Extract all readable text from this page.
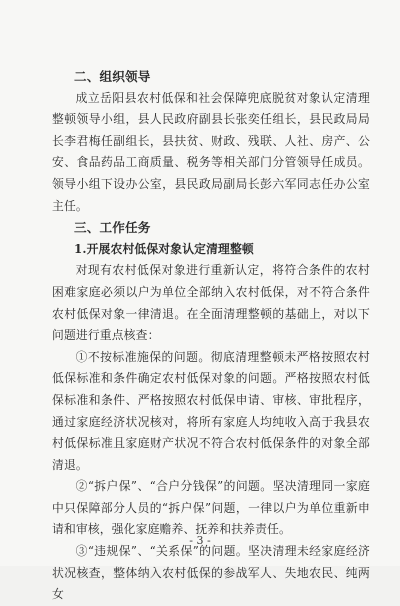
二、组织领导

成立岳阳县农村低保和社会保障兜底脱贫对象认定清理整顿领导小组，县人民政府副县长张奕任组长，县民政局局长李君梅任副组长，县扶贫、财政、残联、人社、房产、公安、食品药品工商质量、税务等相关部门分管领导任成员。领导小组下设办公室，县民政局副局长彭六军同志任办公室主任。

三、工作任务
1.开展农村低保对象认定清理整顿

对现有农村低保对象进行重新认定，将符合条件的农村困难家庭必须以户为单位全部纳入农村低保，对不符合条件农村低保对象一律清退。在全面清理整顿的基础上，对以下问题进行重点核查：

①不按标准施保的问题。彻底清理整顿未严格按照农村低保标准和条件确定农村低保对象的问题。严格按照农村低保标准和条件、严格按照农村低保申请、审核、审批程序，通过家庭经济状况核对，将所有家庭人均纯收入高于我县农村低保标准且家庭财产状况不符合农村低保条件的对象全部清退。

②“拆户保”、“合户分钱保”的问题。坚决清理同一家庭中只保障部分人员的“拆户保”问题，一律以户为单位重新申请和审核，强化家庭赡养、抚养和扶养责任。

③“违规保”、“关系保”的问题。坚决清理未经家庭经济状况核查，整体纳入农村低保的参战军人、失地农民、纯两女

- 3 -
